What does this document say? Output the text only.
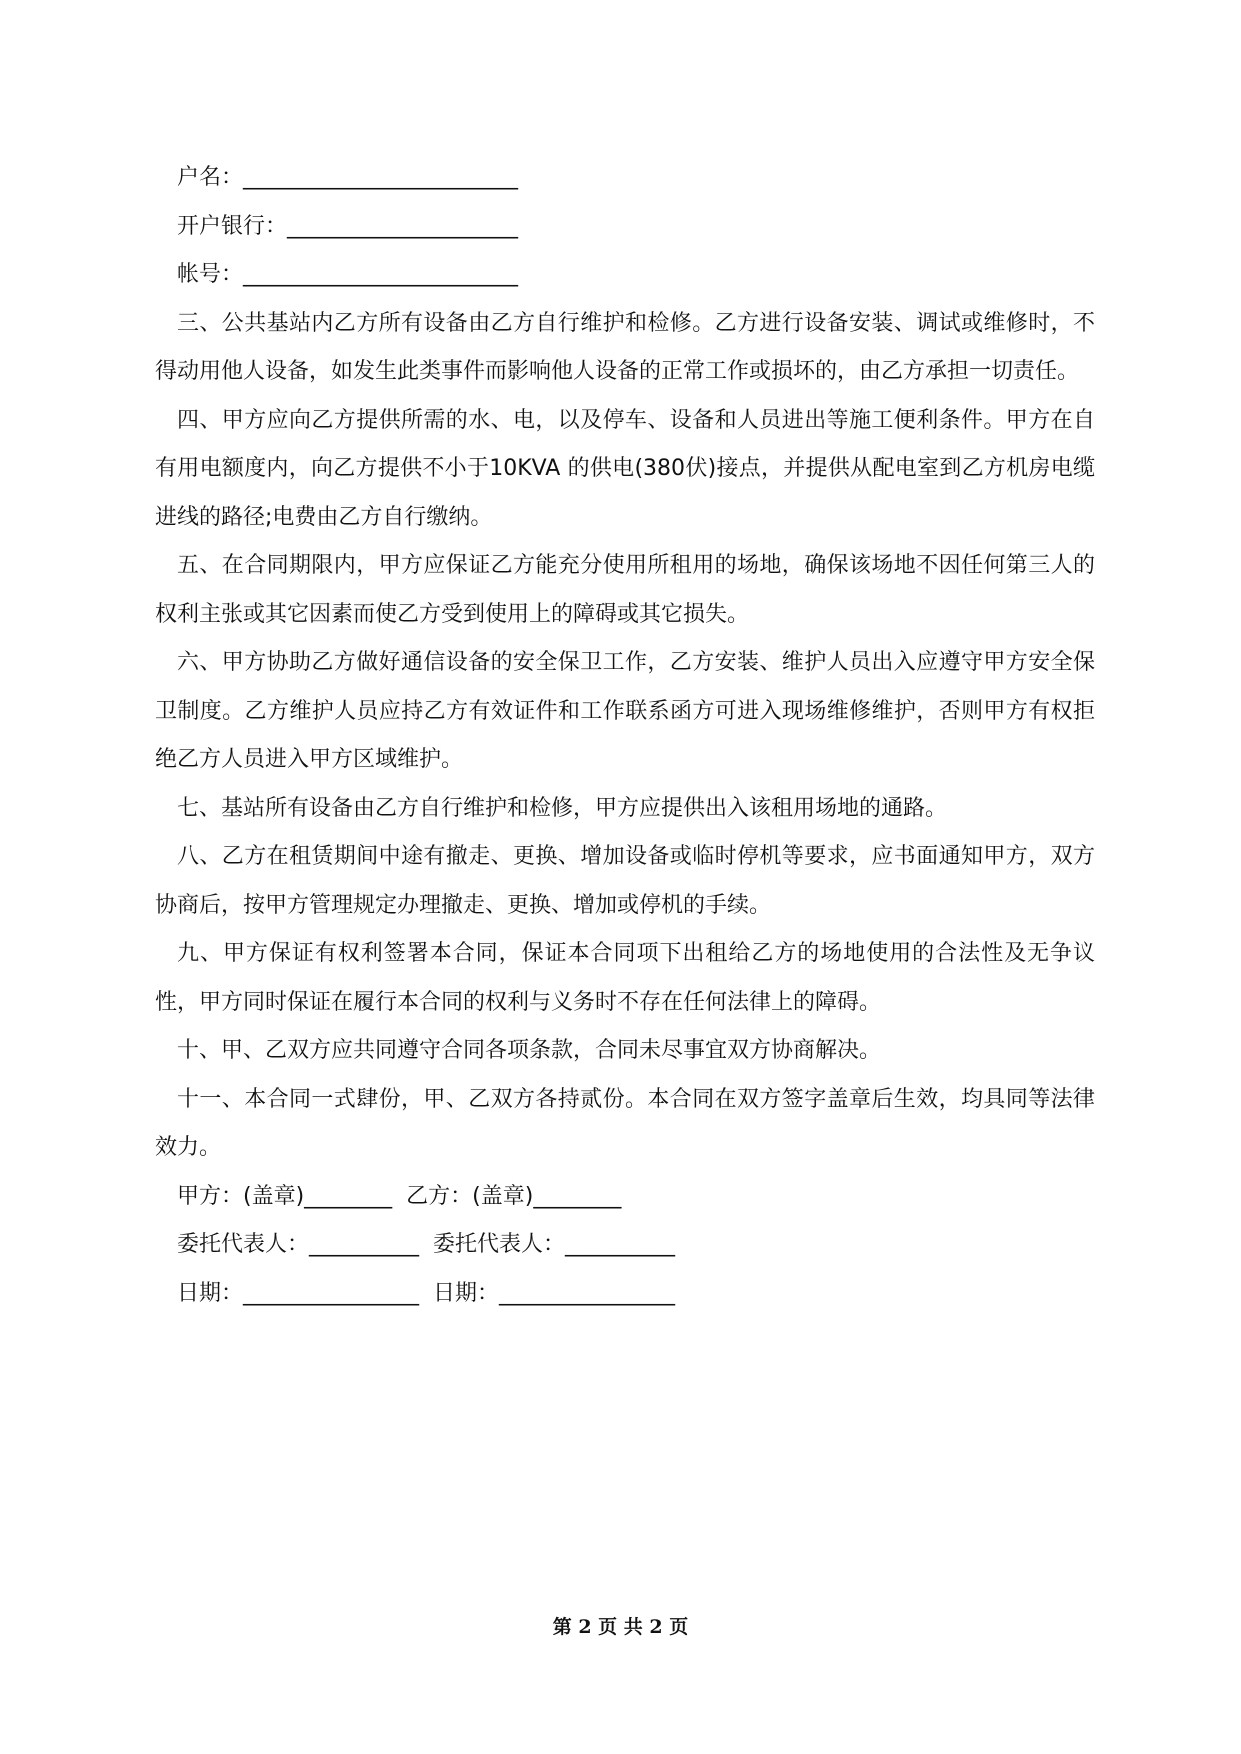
户名：_________________________

开户银行：_____________________

帐号：_________________________

三、公共基站内乙方所有设备由乙方自行维护和检修。乙方进行设备安装、调试或维修时，不得动用他人设备，如发生此类事件而影响他人设备的正常工作或损坏的，由乙方承担一切责任。

四、甲方应向乙方提供所需的水、电，以及停车、设备和人员进出等施工便利条件。甲方在自有用电额度内，向乙方提供不小于10KVA 的供电(380伏)接点，并提供从配电室到乙方机房电缆进线的路径;电费由乙方自行缴纳。

五、在合同期限内，甲方应保证乙方能充分使用所租用的场地，确保该场地不因任何第三人的权利主张或其它因素而使乙方受到使用上的障碍或其它损失。

六、甲方协助乙方做好通信设备的安全保卫工作，乙方安装、维护人员出入应遵守甲方安全保卫制度。乙方维护人员应持乙方有效证件和工作联系函方可进入现场维修维护，否则甲方有权拒绝乙方人员进入甲方区域维护。

七、基站所有设备由乙方自行维护和检修，甲方应提供出入该租用场地的通路。

八、乙方在租赁期间中途有撤走、更换、增加设备或临时停机等要求，应书面通知甲方，双方协商后，按甲方管理规定办理撤走、更换、增加或停机的手续。

九、甲方保证有权利签署本合同，保证本合同项下出租给乙方的场地使用的合法性及无争议性，甲方同时保证在履行本合同的权利与义务时不存在任何法律上的障碍。

十、甲、乙双方应共同遵守合同各项条款，合同未尽事宜双方协商解决。

十一、本合同一式肆份，甲、乙双方各持贰份。本合同在双方签字盖章后生效，均具同等法律效力。

甲方：(盖章)________ 乙方：(盖章)________

委托代表人：__________ 委托代表人：__________

日期：________________ 日期：________________

第 2 页 共 2 页
